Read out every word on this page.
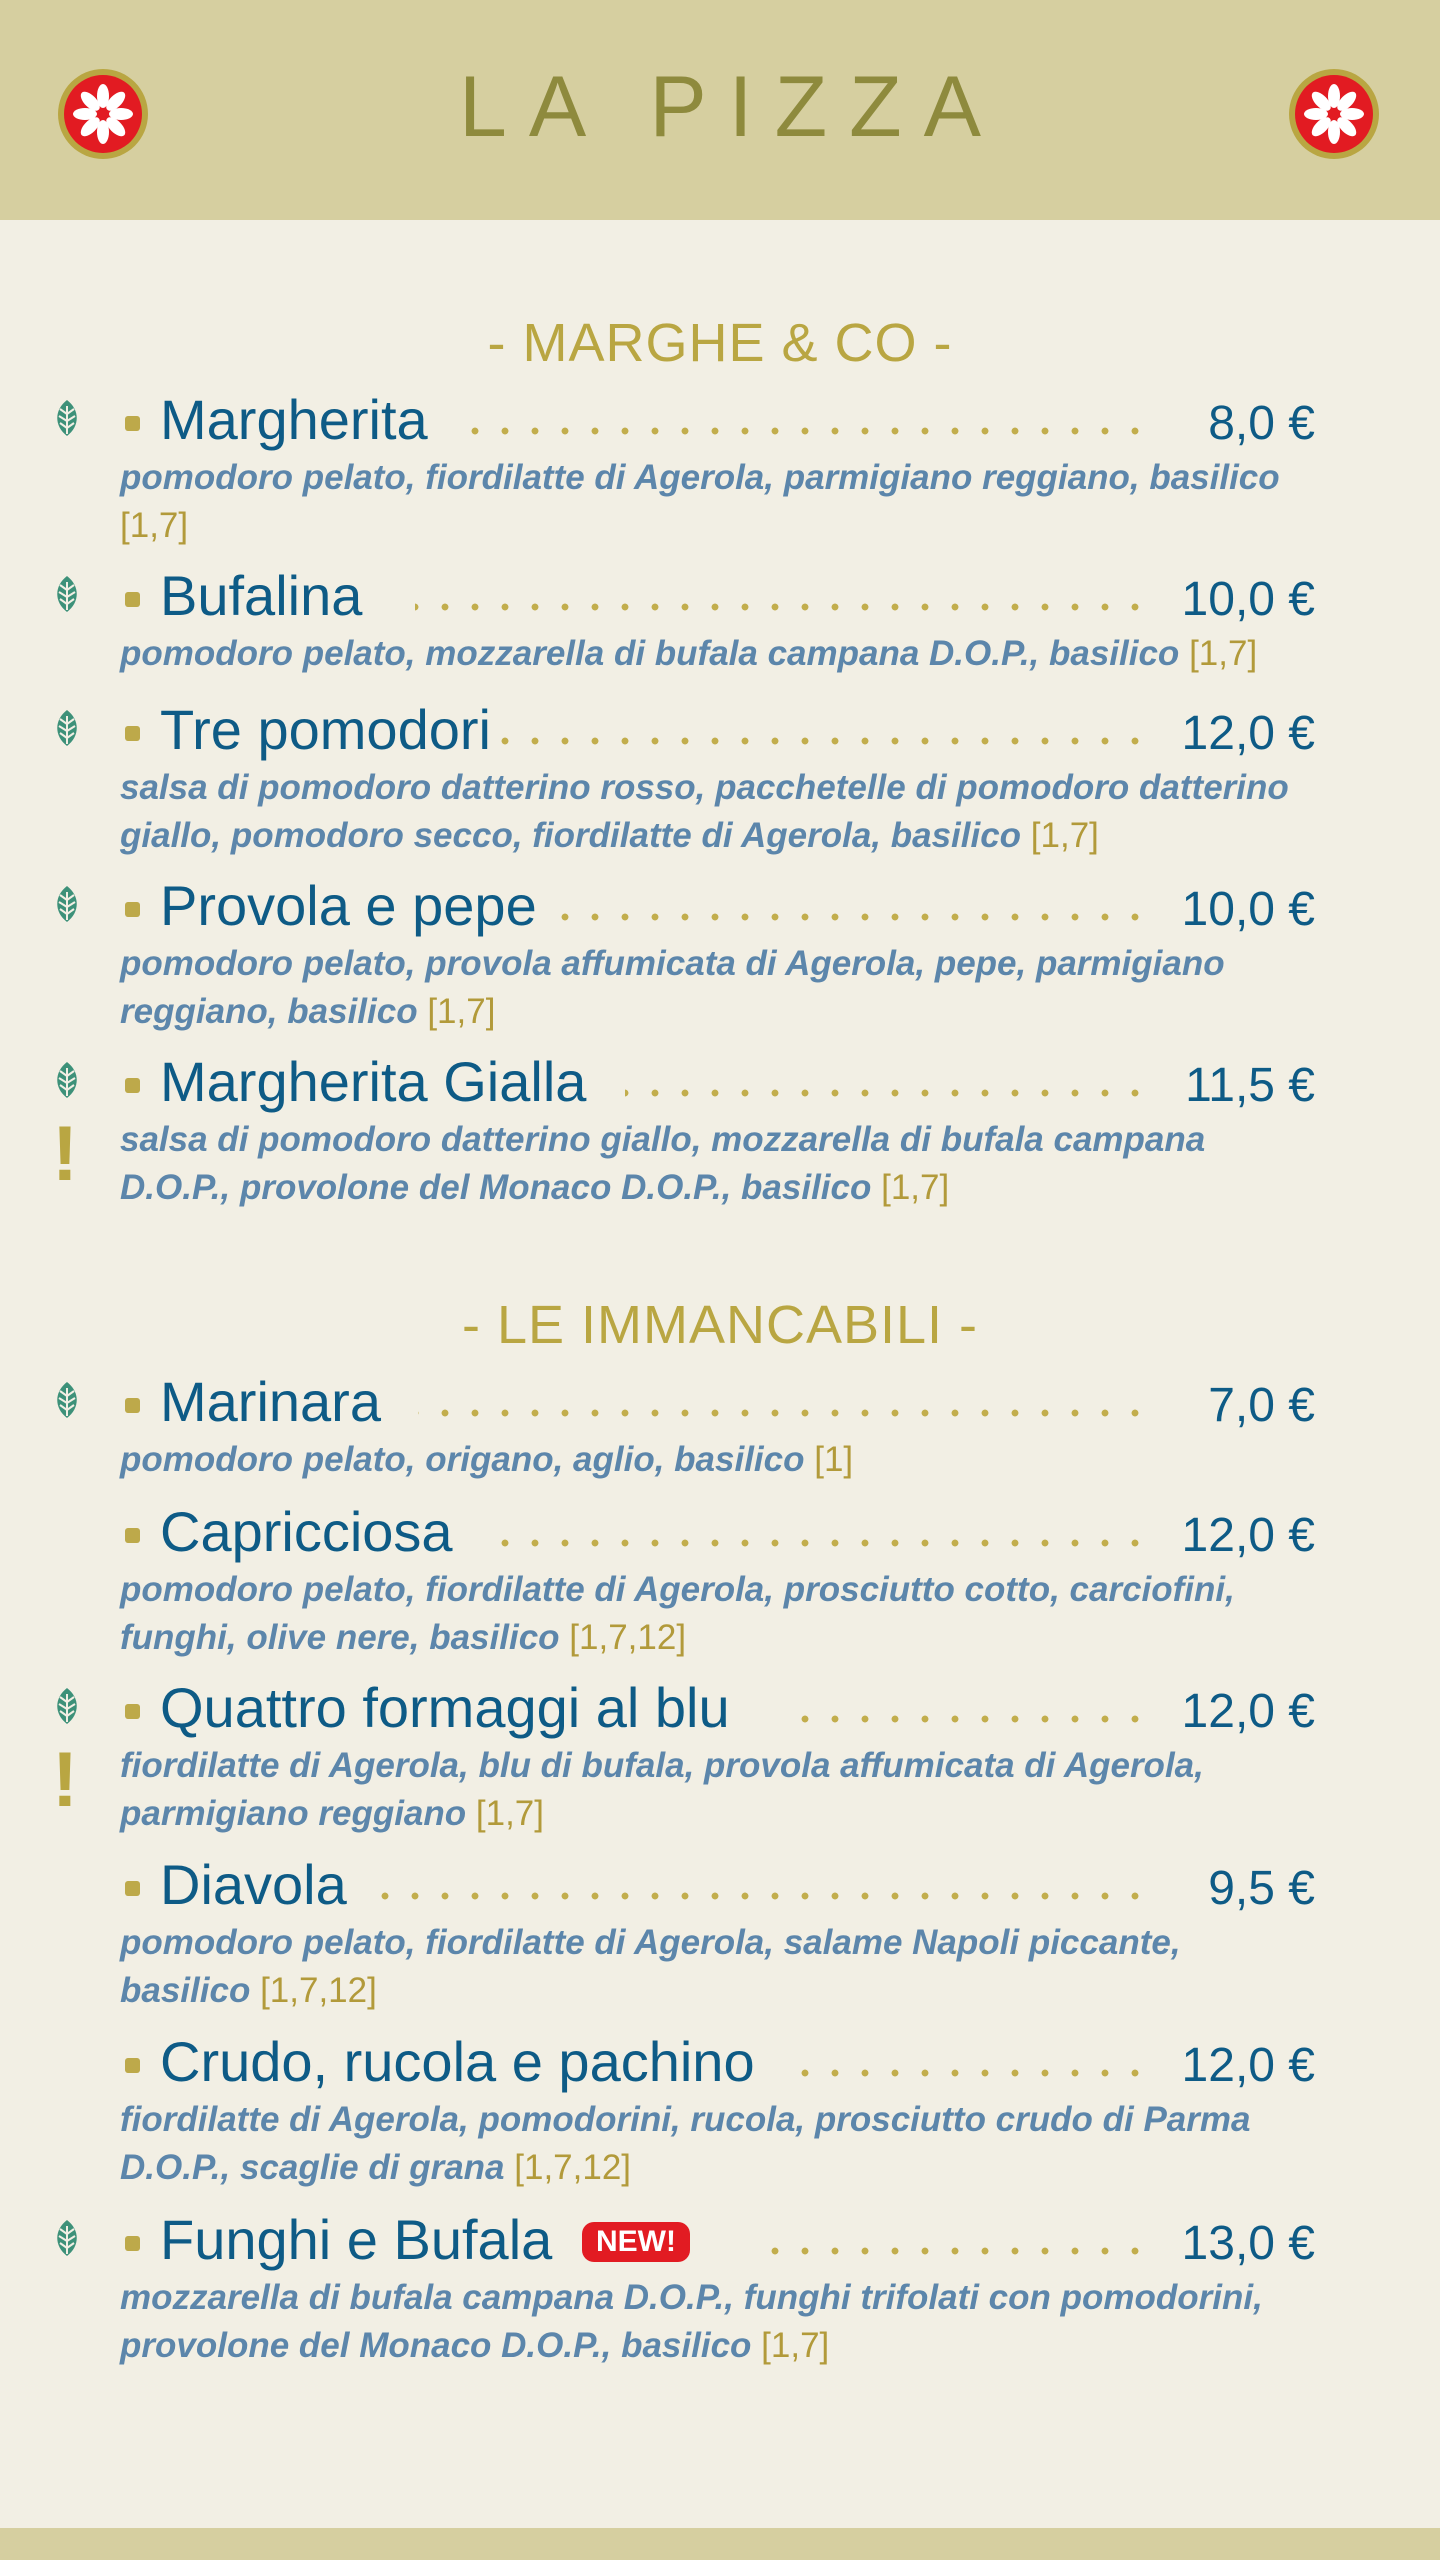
LA PIZZA
- MARGHE & CO -
Margherita	8,0 €
pomodoro pelato, fiordilatte di Agerola, parmigiano reggiano, basilico [1,7]
Bufalina	10,0 €
pomodoro pelato, mozzarella di bufala campana D.O.P., basilico [1,7]
Tre pomodori	12,0 €
salsa di pomodoro datterino rosso, pacchetelle di pomodoro datterino giallo, pomodoro secco, fiordilatte di Agerola, basilico [1,7]
Provola e pepe	10,0 €
pomodoro pelato, provola affumicata di Agerola, pepe, parmigiano reggiano, basilico [1,7]
!
Margherita Gialla	11,5 €
salsa di pomodoro datterino giallo, mozzarella di bufala campana D.O.P., provolone del Monaco D.O.P., basilico [1,7]
- LE IMMANCABILI -
Marinara	7,0 €
pomodoro pelato, origano, aglio, basilico [1]
Capricciosa	12,0 €
pomodoro pelato, fiordilatte di Agerola, prosciutto cotto, carciofini, funghi, olive nere, basilico [1,7,12]
!
Quattro formaggi al blu	12,0 €
fiordilatte di Agerola, blu di bufala, provola affumicata di Agerola, parmigiano reggiano [1,7]
Diavola	9,5 €
pomodoro pelato, fiordilatte di Agerola, salame Napoli piccante, basilico [1,7,12]
Crudo, rucola e pachino	12,0 €
fiordilatte di Agerola, pomodorini, rucola, prosciutto crudo di Parma D.O.P., scaglie di grana [1,7,12]
Funghi e Bufala	NEW!	13,0 €
mozzarella di bufala campana D.O.P., funghi trifolati con pomodorini, provolone del Monaco D.O.P., basilico [1,7]
